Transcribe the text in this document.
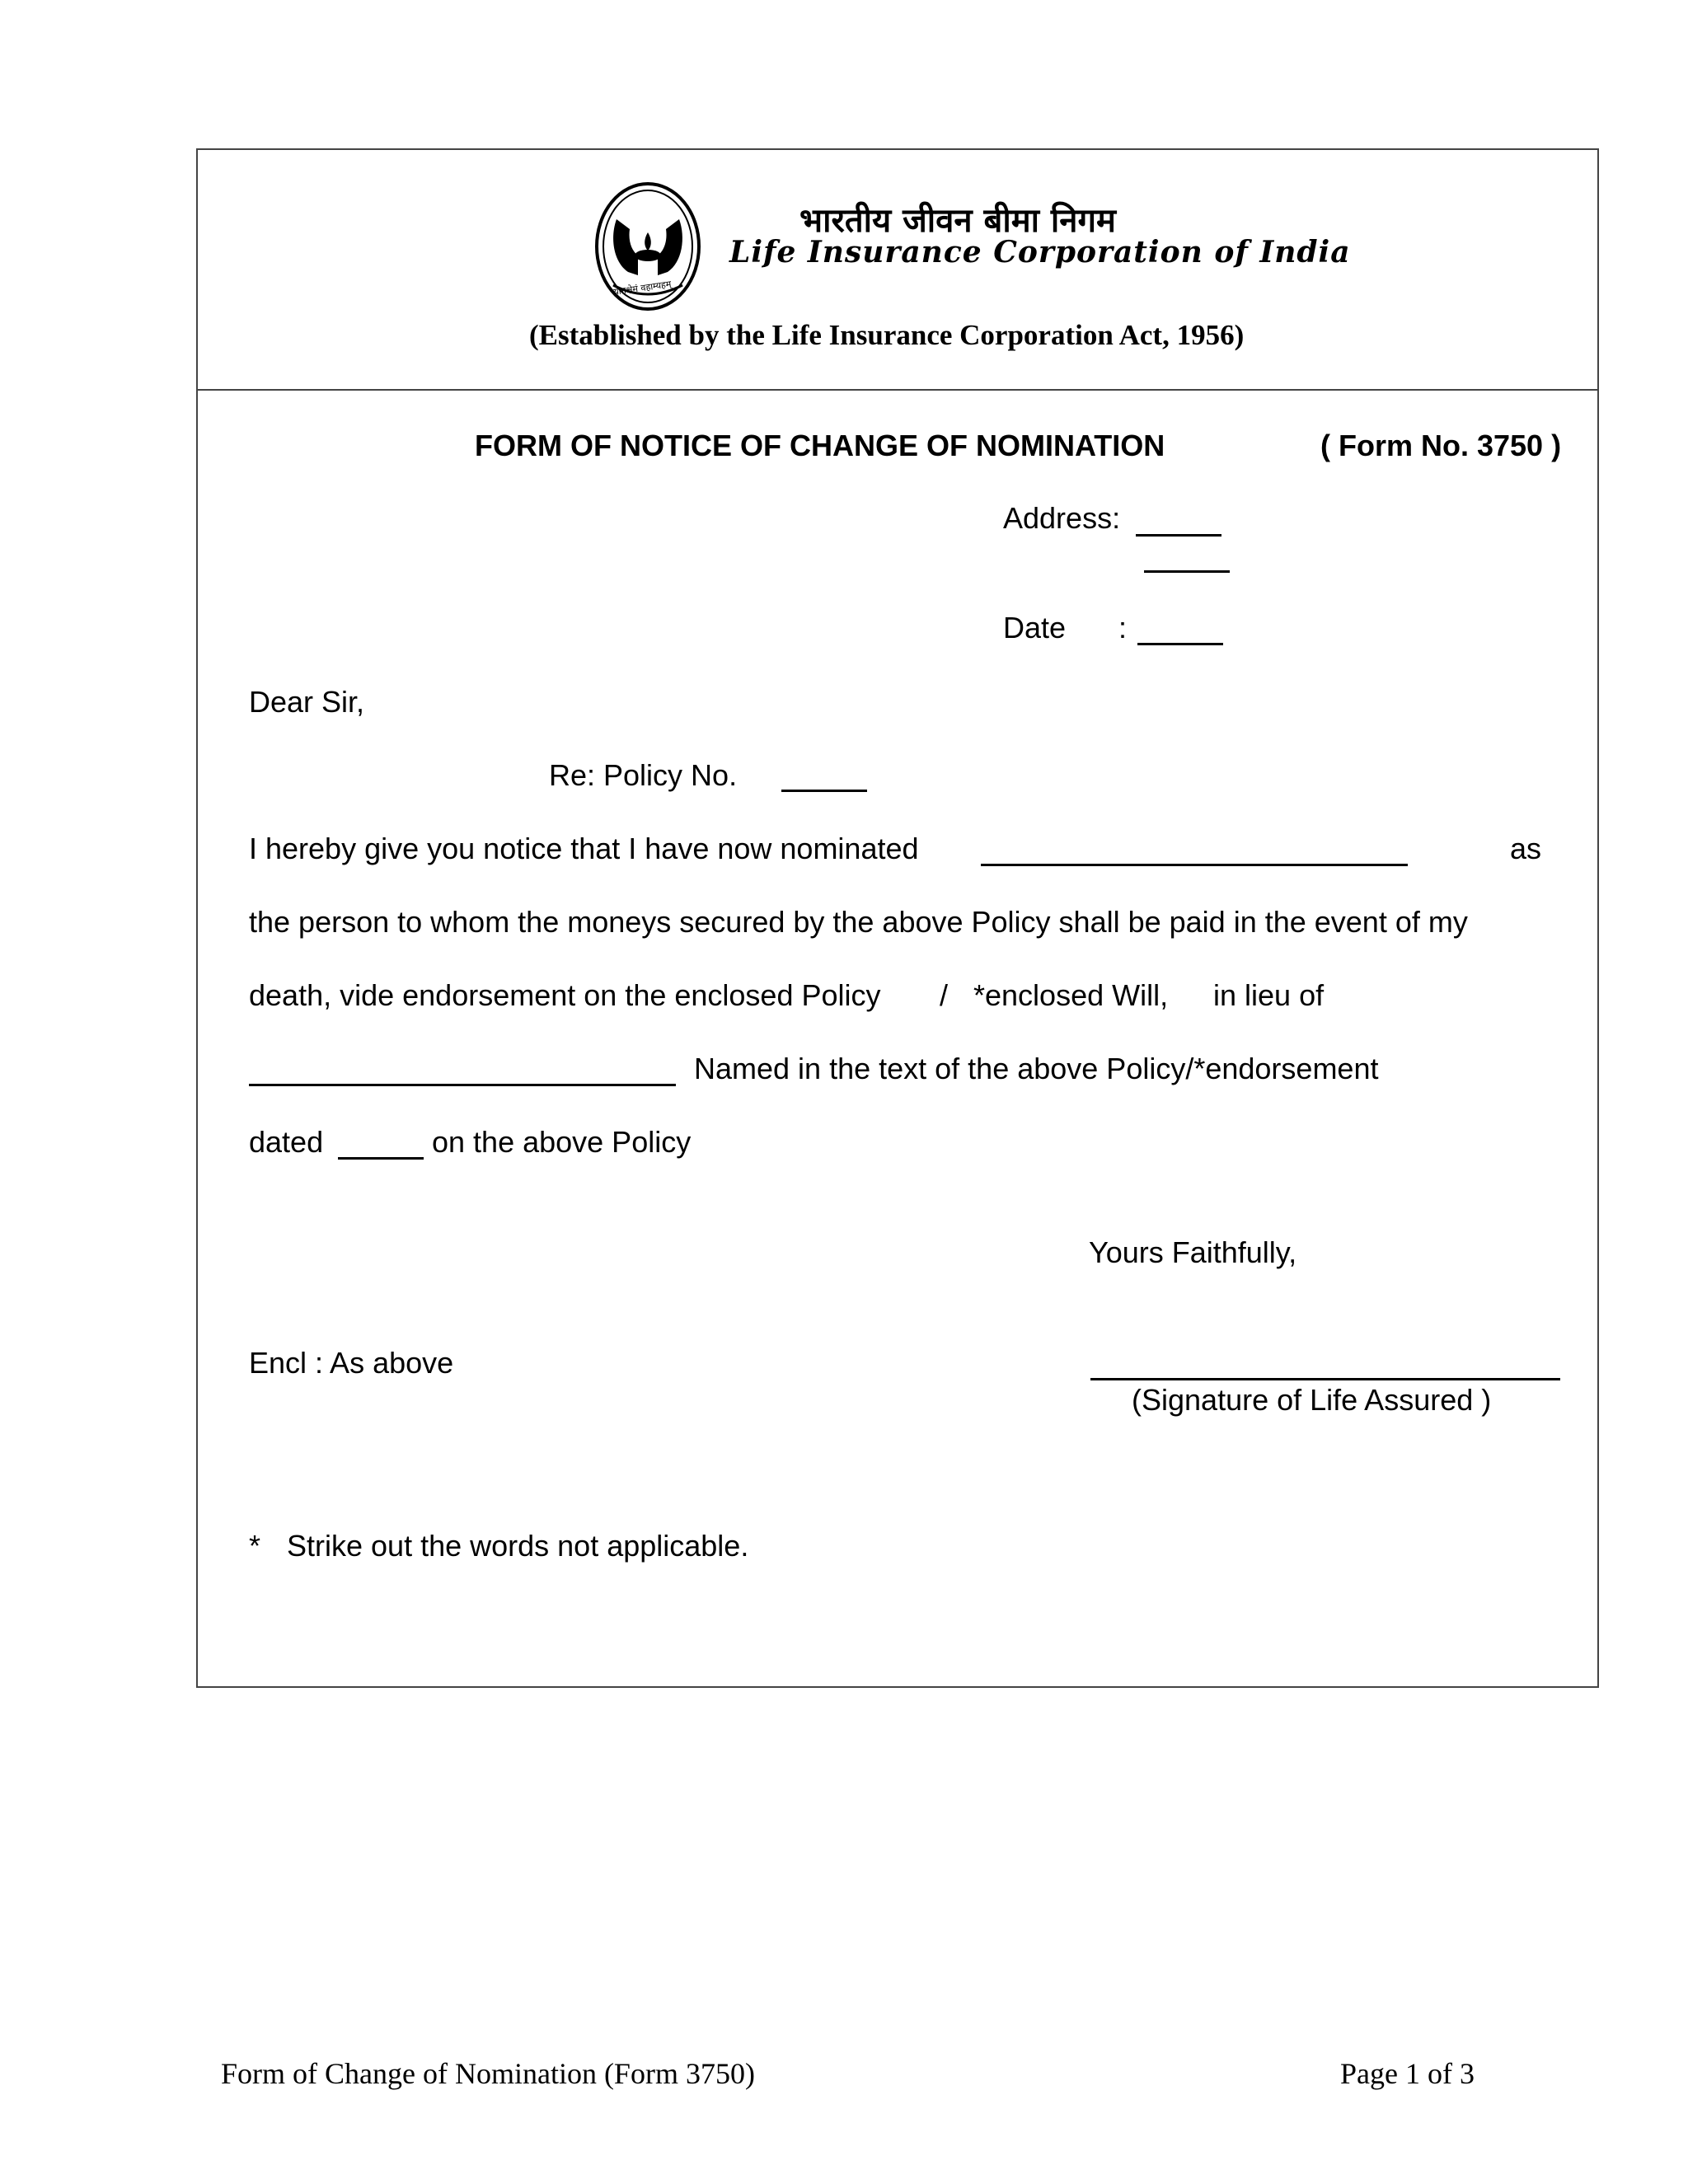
योगक्षेमं वहाम्यहम्
भारतीय जीवन बीमा निगम
Life Insurance Corporation of India
(Established by the Life Insurance Corporation Act, 1956)
FORM OF NOTICE OF CHANGE OF NOMINATION	( Form No. 3750 )
Address:
Date :
Dear Sir,
Re: Policy No.
I hereby give you notice that I have now nominated	as
the person to whom the moneys secured by the above Policy shall be paid in the event of my
death, vide endorsement on the enclosed Policy / *enclosed Will, in lieu of
Named in the text of the above Policy/*endorsement
dated	on the above Policy
Yours Faithfully,
Encl : As above
(Signature of Life Assured )
* Strike out the words not applicable.
Form of Change of Nomination (Form 3750)	Page 1 of 3
